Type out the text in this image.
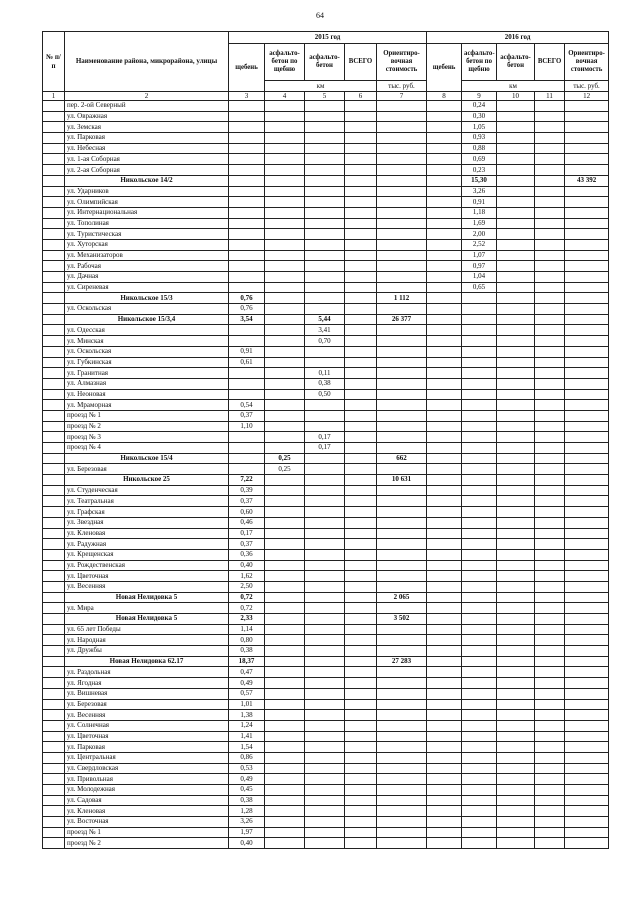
64
№ п/п	Наименование района, микрорайона, улицы	2015 год					2016 год				
		щебень	асфальто-бетон по щебню	асфальто-бетон	ВСЕГО	Ориентиро-вочная стоимость	щебень	асфальто-бетон по щебню	асфальто-бетон	ВСЕГО	Ориентиро-вочная стоимость
			км			тыс. руб.		км			тыс. руб.
1	2	3	4	5	6	7	8	9	10	11	12
	пер. 2-ой Северный							0,24			
	ул. Овражная							0,30			
	ул. Земская							1,05			
	ул. Парковая							0,93			
	ул. Небесная							0,88			
	ул. 1-ая Соборная							0,69			
	ул. 2-ая Соборная							0,23			
	Никольское 14/2							15,30			43 392
	ул. Ударников							3,26			
	ул. Олимпийская							0,91			
	ул. Интернациональная							1,18			
	ул. Тополиная							1,69			
	ул. Туристическая							2,00			
	ул. Хуторская							2,52			
	ул. Механизаторов							1,07			
	ул. Рабочая							0,97			
	ул. Дачная							1,04			
	ул. Сиреневая							0,65			
	Никольское 15/3	0,76				1 112					
	ул. Оскольская	0,76									
	Никольское 15/3,4	3,54		5,44		26 377					
	ул. Одесская			3,41							
	ул. Минская			0,70							
	ул. Оскольская	0,91									
	ул. Губкинская	0,61									
	ул. Гранитная			0,11							
	ул. Алмазная			0,38							
	ул. Неоновая			0,50							
	ул. Мраморная	0,54									
	проезд № 1	0,37									
	проезд № 2	1,10									
	проезд № 3			0,17							
	проезд № 4			0,17							
	Никольское 15/4		0,25			662					
	ул. Березовая		0,25								
	Никольское 25	7,22				10 631					
	ул. Студенческая	0,39									
	ул. Театральная	0,37									
	ул. Графская	0,60									
	ул. Звездная	0,46									
	ул. Кленовая	0,17									
	ул. Радужная	0,37									
	ул. Крещенская	0,36									
	ул. Рождественская	0,40									
	ул. Цветочная	1,62									
	ул. Весенняя	2,50									
	Новая Нелидовка 5	0,72				2 065					
	ул. Мира	0,72									
	Новая Нелидовка 5	2,33				3 502					
	ул. 65 лет Победы	1,14									
	ул. Народная	0,80									
	ул. Дружбы	0,38									
	Новая Нелидовка 62.17	18,37				27 283					
	ул. Раздольная	0,47									
	ул. Ягодная	0,49									
	ул. Вишневая	0,57									
	ул. Березовая	1,01									
	ул. Весенняя	1,38									
	ул. Солнечная	1,24									
	ул. Цветочная	1,41									
	ул. Парковая	1,54									
	ул. Центральная	0,86									
	ул. Свердловская	0,53									
	ул. Привольная	0,49									
	ул. Молодежная	0,45									
	ул. Садовая	0,38									
	ул. Кленовая	1,28									
	ул. Восточная	3,26									
	проезд № 1	1,97									
	проезд № 2	0,40									
